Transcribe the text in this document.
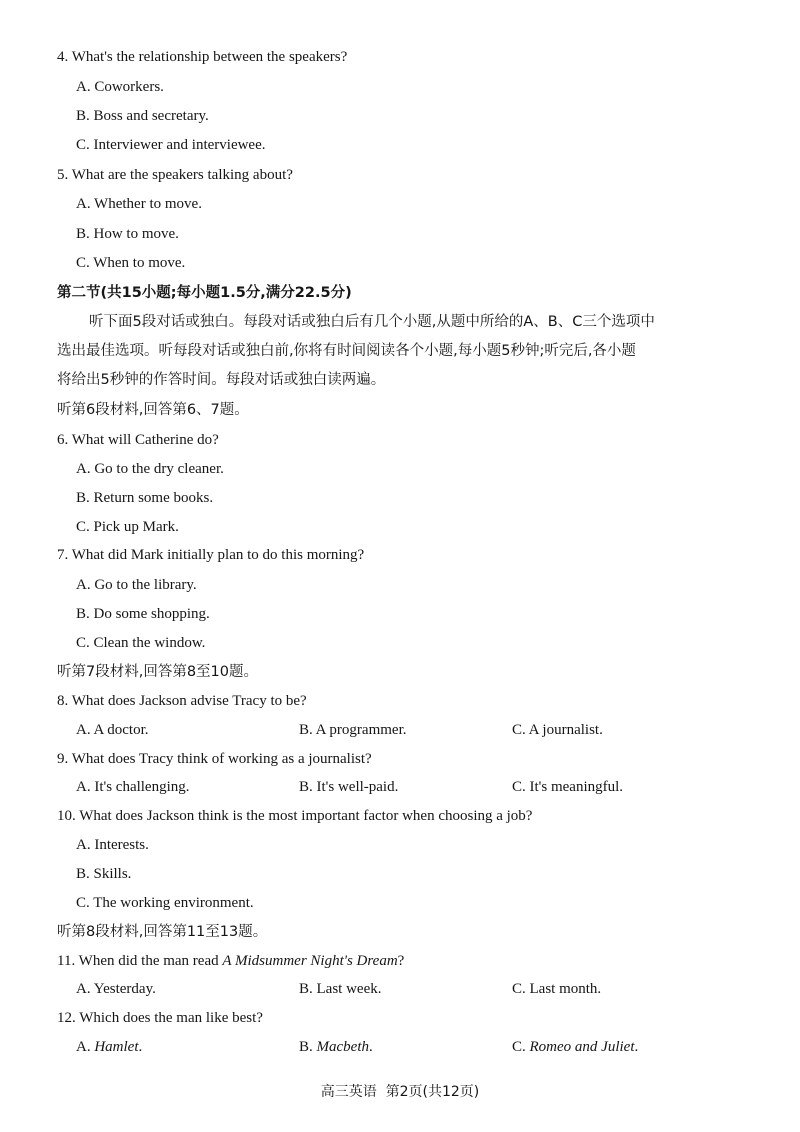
4. What's the relationship between the speakers?
A. Coworkers.
B. Boss and secretary.
C. Interviewer and interviewee.
5. What are the speakers talking about?
A. Whether to move.
B. How to move.
C. When to move.
第二节(共15小题;每小题1.5分,满分22.5分)
听下面5段对话或独白。每段对话或独白后有几个小题,从题中所给的A、B、C三个选项中
选出最佳选项。听每段对话或独白前,你将有时间阅读各个小题,每小题5秒钟;听完后,各小题
将给出5秒钟的作答时间。每段对话或独白读两遍。
听第6段材料,回答第6、7题。
6. What will Catherine do?
A. Go to the dry cleaner.
B. Return some books.
C. Pick up Mark.
7. What did Mark initially plan to do this morning?
A. Go to the library.
B. Do some shopping.
C. Clean the window.
听第7段材料,回答第8至10题。
8. What does Jackson advise Tracy to be?
A. A doctor.	B. A programmer.	C. A journalist.
9. What does Tracy think of working as a journalist?
A. It's challenging.	B. It's well-paid.	C. It's meaningful.
10. What does Jackson think is the most important factor when choosing a job?
A. Interests.
B. Skills.
C. The working environment.
听第8段材料,回答第11至13题。
11. When did the man read A Midsummer Night's Dream?
A. Yesterday.	B. Last week.	C. Last month.
12. Which does the man like best?
A. Hamlet.	B. Macbeth.	C. Romeo and Juliet.
高三英语  第2页(共12页)
